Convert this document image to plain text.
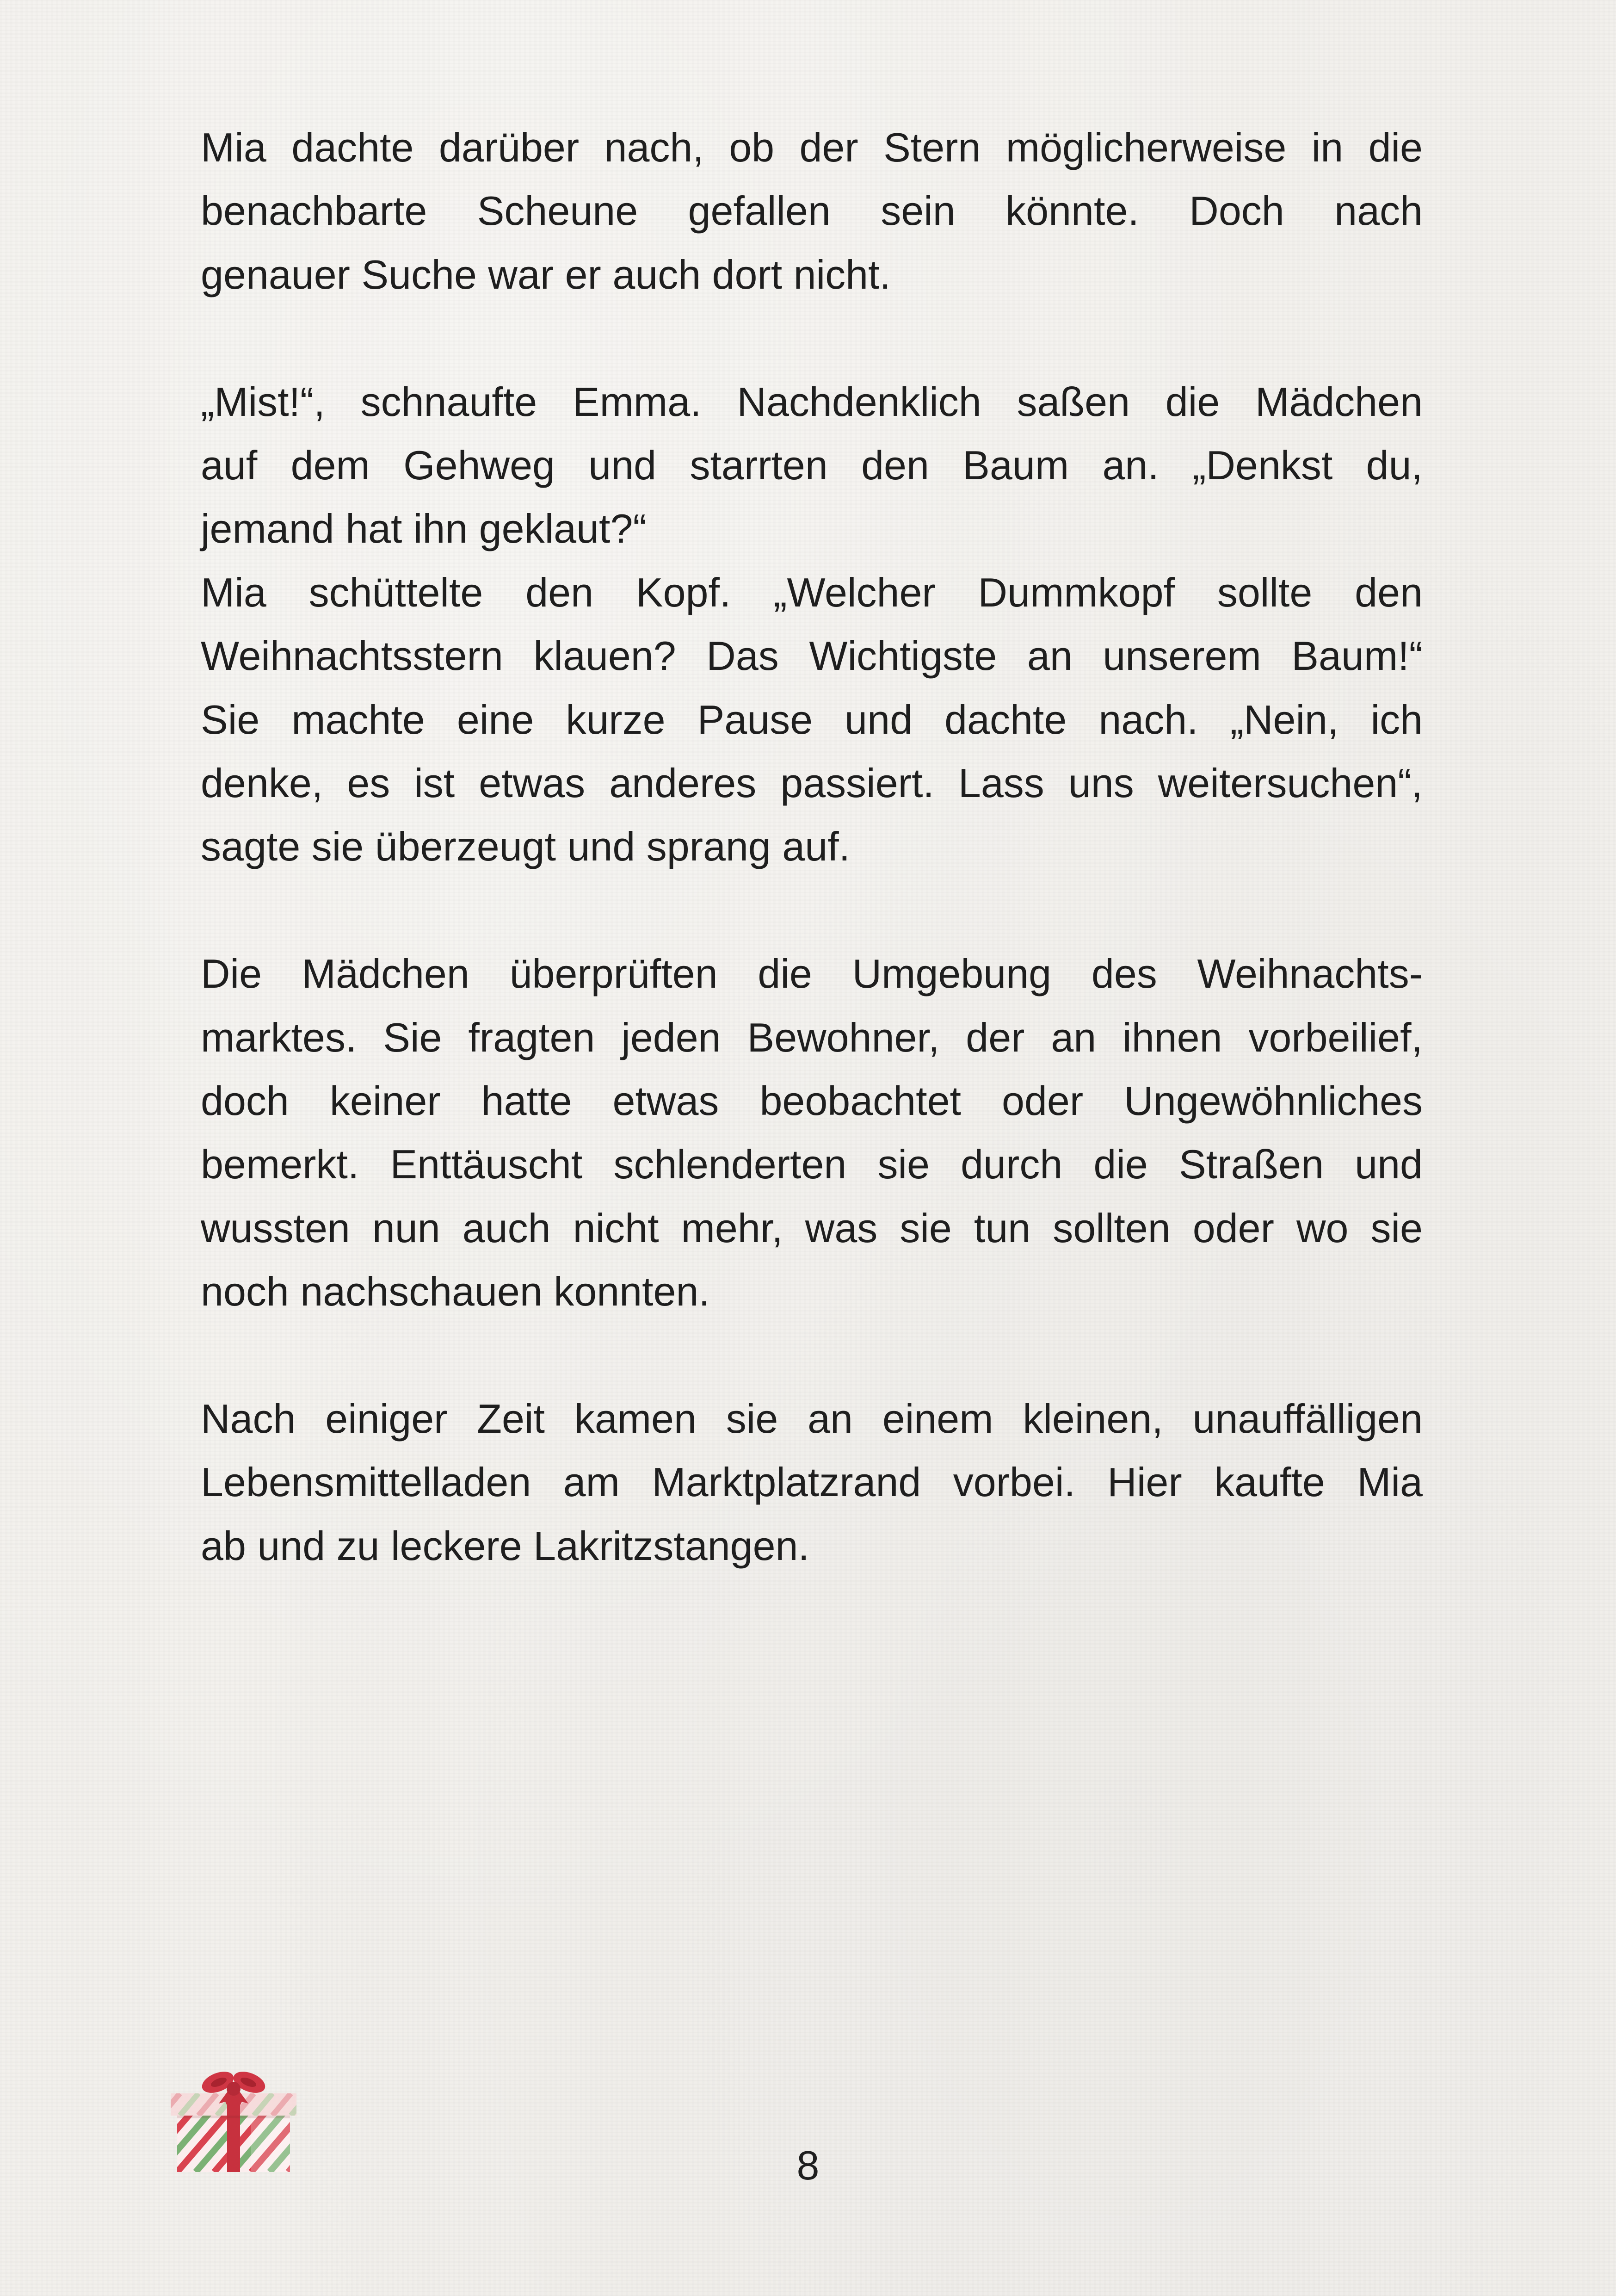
Mia dachte darüber nach, ob der Stern möglicherweise in die
benachbarte Scheune gefallen sein könnte. Doch nach
genauer Suche war er auch dort nicht.
„Mist!“, schnaufte Emma. Nachdenklich saßen die Mädchen
auf dem Gehweg und starrten den Baum an. „Denkst du,
jemand hat ihn geklaut?“
Mia schüttelte den Kopf. „Welcher Dummkopf sollte den
Weihnachtsstern klauen? Das Wichtigste an unserem Baum!“
Sie machte eine kurze Pause und dachte nach. „Nein, ich
denke, es ist etwas anderes passiert. Lass uns weitersuchen“,
sagte sie überzeugt und sprang auf.
Die Mädchen überprüften die Umgebung des Weihnachts-
marktes. Sie fragten jeden Bewohner, der an ihnen vorbeilief,
doch keiner hatte etwas beobachtet oder Ungewöhnliches
bemerkt. Enttäuscht schlenderten sie durch die Straßen und
wussten nun auch nicht mehr, was sie tun sollten oder wo sie
noch nachschauen konnten.
Nach einiger Zeit kamen sie an einem kleinen, unauffälligen
Lebensmittelladen am Marktplatzrand vorbei. Hier kaufte Mia
ab und zu leckere Lakritzstangen.
8
